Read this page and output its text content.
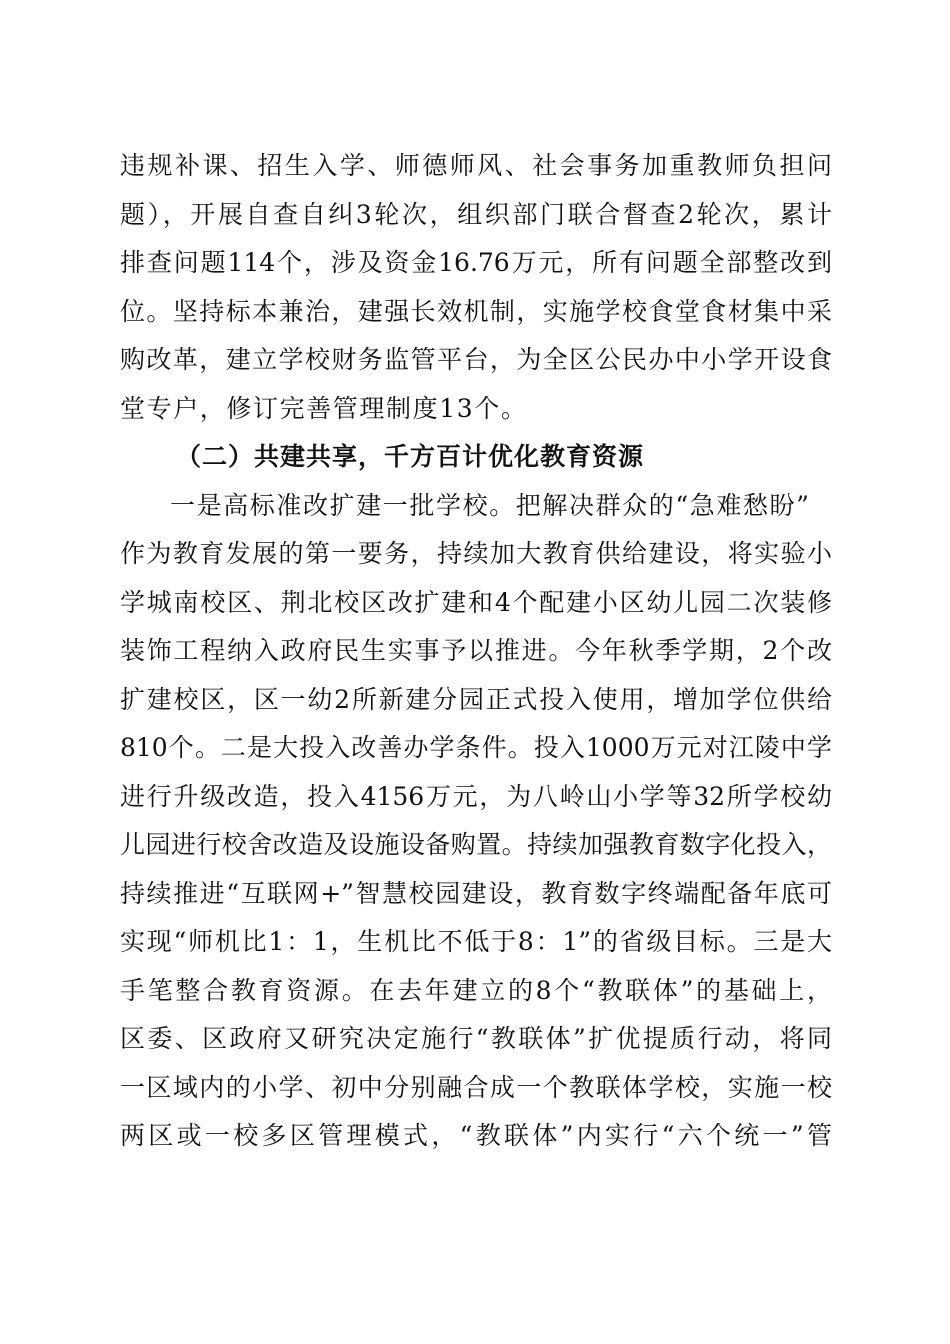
违规补课、招生入学、师德师风、社会事务加重教师负担问
题），开展自查自纠3轮次，组织部门联合督查2轮次，累计
排查问题114个，涉及资金16.76万元，所有问题全部整改到
位。坚持标本兼治，建强长效机制，实施学校食堂食材集中采
购改革，建立学校财务监管平台，为全区公民办中小学开设食
堂专户，修订完善管理制度13个。
（二）共建共享，千方百计优化教育资源
一是高标准改扩建一批学校。把解决群众的“急难愁盼”
作为教育发展的第一要务，持续加大教育供给建设，将实验小
学城南校区、荆北校区改扩建和4个配建小区幼儿园二次装修
装饰工程纳入政府民生实事予以推进。今年秋季学期，2个改
扩建校区，区一幼2所新建分园正式投入使用，增加学位供给
810个。二是大投入改善办学条件。投入1000万元对江陵中学
进行升级改造，投入4156万元，为八岭山小学等32所学校幼
儿园进行校舍改造及设施设备购置。持续加强教育数字化投入，
持续推进“互联网+”智慧校园建设，教育数字终端配备年底可
实现“师机比1：1，生机比不低于8：1”的省级目标。三是大
手笔整合教育资源。在去年建立的8个“教联体”的基础上，
区委、区政府又研究决定施行“教联体”扩优提质行动，将同
一区域内的小学、初中分别融合成一个教联体学校，实施一校
两区或一校多区管理模式，“教联体”内实行“六个统一”管
